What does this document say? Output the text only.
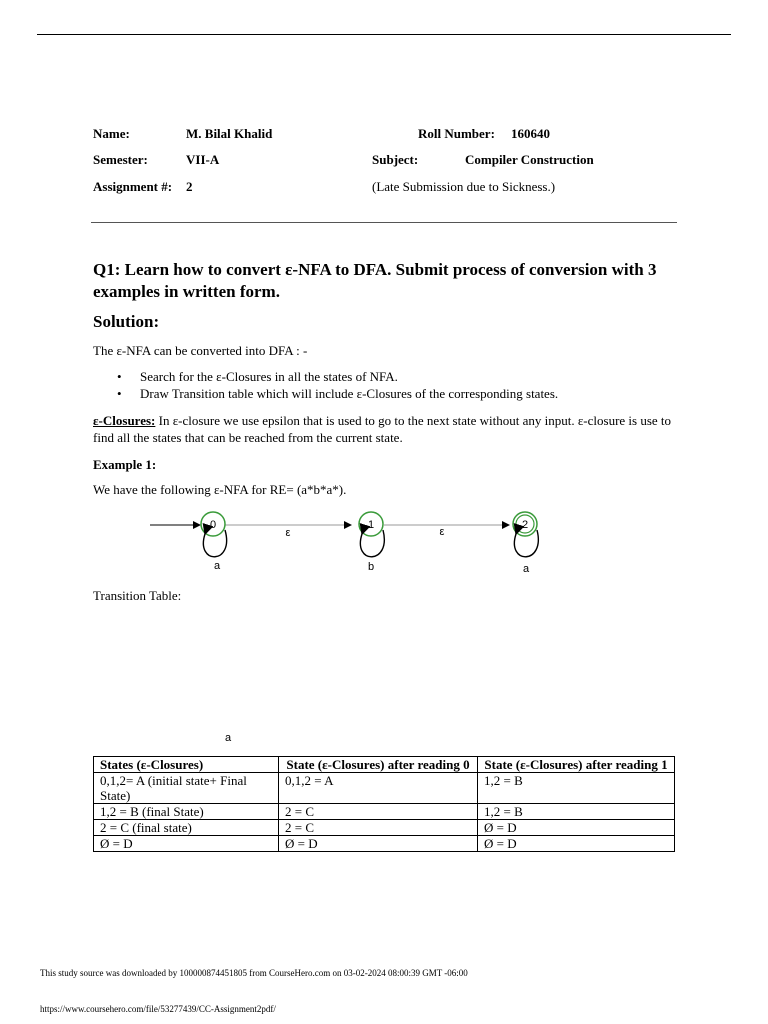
Name:	M. Bilal Khalid	Roll Number: 160640
Semester:	VII-A	Subject:	Compiler Construction
Assignment #: 2	(Late Submission due to Sickness.)
Q1: Learn how to convert ε-NFA to DFA. Submit process of conversion with 3 examples in written form.
Solution:
The ε-NFA can be converted into DFA : -
• Search for the ε-Closures in all the states of NFA.
• Draw Transition table which will include ε-Closures of the corresponding states.
ε-Closures: In ε-closure we use epsilon that is used to go to the next state without any input. ε-closure is use to find all the states that can be reached from the current state.
Example 1:
We have the following ε-NFA for RE= (a*b*a*).
0	1	2
ε	ε
a	b	a
Transition Table:
a
States (ε-Closures)	State (ε-Closures) after reading 0	State (ε-Closures) after reading 1
0,1,2= A (initial state+ Final State)	0,1,2 = A	1,2 = B
1,2 = B (final State)	2 = C	1,2 = B
2 = C (final state)	2 = C	Ø = D
Ø = D	Ø = D	Ø = D
This study source was downloaded by 100000874451805 from CourseHero.com on 03-02-2024 08:00:39 GMT -06:00
https://www.coursehero.com/file/53277439/CC-Assignment2pdf/
